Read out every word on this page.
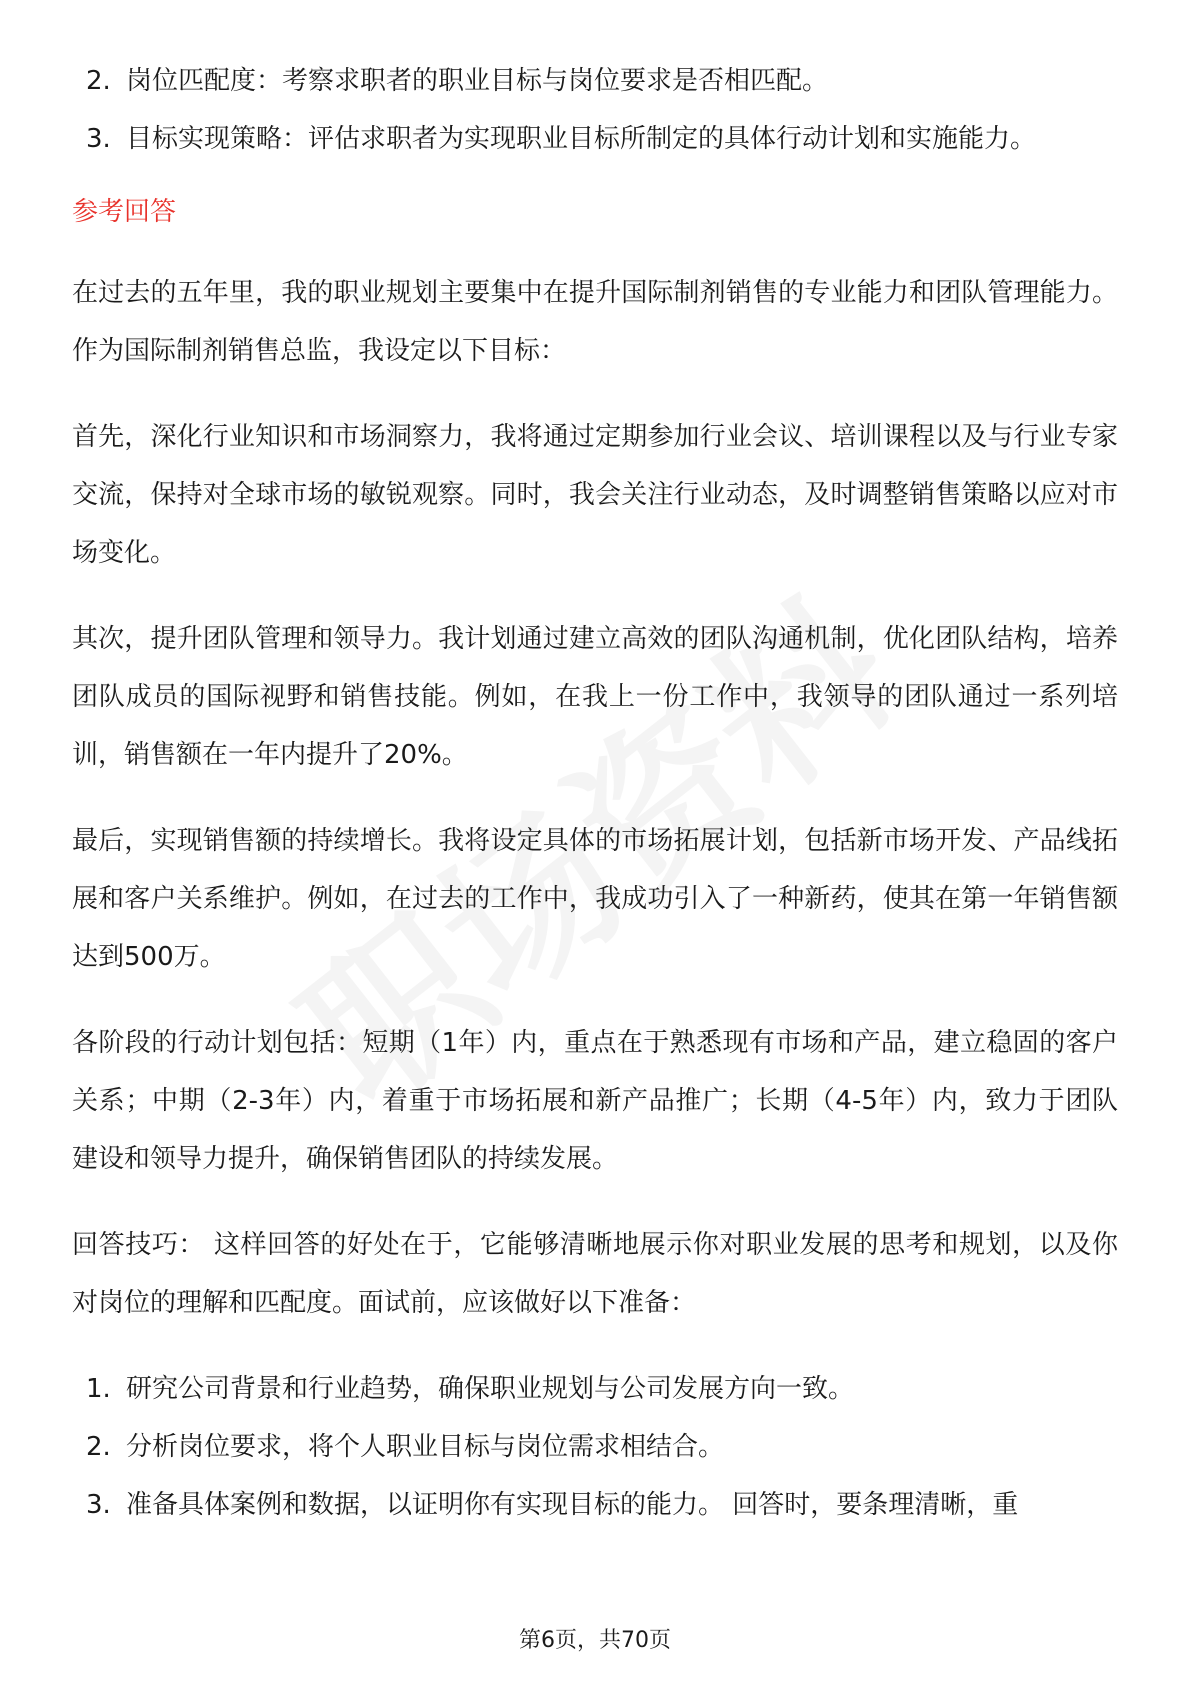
2. 岗位匹配度：考察求职者的职业目标与岗位要求是否相匹配。
3. 目标实现策略：评估求职者为实现职业目标所制定的具体行动计划和实施能力。
参考回答

在过去的五年里，我的职业规划主要集中在提升国际制剂销售的专业能力和团队管理能力。作为国际制剂销售总监，我设定以下目标：

首先，深化行业知识和市场洞察力，我将通过定期参加行业会议、培训课程以及与行业专家交流，保持对全球市场的敏锐观察。同时，我会关注行业动态，及时调整销售策略以应对市场变化。

其次，提升团队管理和领导力。我计划通过建立高效的团队沟通机制，优化团队结构，培养团队成员的国际视野和销售技能。例如，在我上一份工作中，我领导的团队通过一系列培训，销售额在一年内提升了20%。

最后，实现销售额的持续增长。我将设定具体的市场拓展计划，包括新市场开发、产品线拓展和客户关系维护。例如，在过去的工作中，我成功引入了一种新药，使其在第一年销售额达到500万。

各阶段的行动计划包括：短期（1年）内，重点在于熟悉现有市场和产品，建立稳固的客户关系；中期（2-3年）内，着重于市场拓展和新产品推广；长期（4-5年）内，致力于团队建设和领导力提升，确保销售团队的持续发展。

回答技巧： 这样回答的好处在于，它能够清晰地展示你对职业发展的思考和规划，以及你对岗位的理解和匹配度。面试前，应该做好以下准备：

1. 研究公司背景和行业趋势，确保职业规划与公司发展方向一致。
2. 分析岗位要求，将个人职业目标与岗位需求相结合。
3. 准备具体案例和数据，以证明你有实现目标的能力。 回答时，要条理清晰，重
第6页，共70页
